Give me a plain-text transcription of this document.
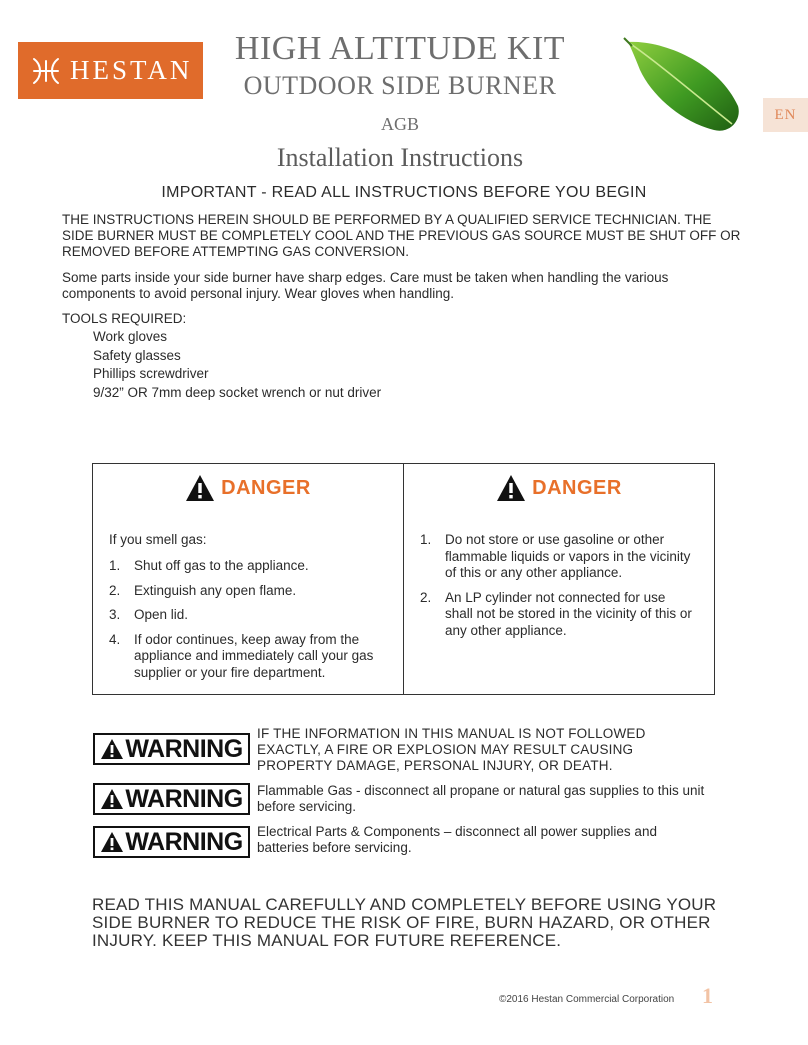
HESTAN
HIGH ALTITUDE KIT
OUTDOOR SIDE BURNER
AGB
Installation Instructions
EN
IMPORTANT - READ ALL INSTRUCTIONS BEFORE YOU BEGIN
THE INSTRUCTIONS HEREIN SHOULD BE PERFORMED BY A QUALIFIED SERVICE TECHNICIAN. THE SIDE BURNER MUST BE COMPLETELY COOL AND THE PREVIOUS GAS SOURCE MUST BE SHUT OFF OR REMOVED BEFORE ATTEMPTING GAS CONVERSION.
Some parts inside your side burner have sharp edges. Care must be taken when handling the various components to avoid personal injury. Wear gloves when handling.
TOOLS REQUIRED:
Work gloves
Safety glasses
Phillips screwdriver
9/32” OR 7mm deep socket wrench or nut driver
DANGER
If you smell gas:
1.	Shut off gas to the appliance.
2.	Extinguish any open flame.
3.	Open lid.
4.	If odor continues, keep away from the appliance and immediately call your gas supplier or your fire department.
DANGER
1.	Do not store or use gasoline or other flammable liquids or vapors in the vicinity of this or any other appliance.
2.	An LP cylinder not connected for use shall not be stored in the vicinity of this or any other appliance.
WARNING
IF THE INFORMATION IN THIS MANUAL IS NOT FOLLOWED EXACTLY, A FIRE OR EXPLOSION MAY RESULT CAUSING PROPERTY DAMAGE, PERSONAL INJURY, OR DEATH.
WARNING Flammable Gas - disconnect all propane or natural gas supplies to this unit before servicing.
WARNING Electrical Parts & Components – disconnect all power supplies and batteries before servicing.
READ THIS MANUAL CAREFULLY AND COMPLETELY BEFORE USING YOUR SIDE BURNER TO REDUCE THE RISK OF FIRE, BURN HAZARD, OR OTHER INJURY. KEEP THIS MANUAL FOR FUTURE REFERENCE.
©2016 Hestan Commercial Corporation 1
